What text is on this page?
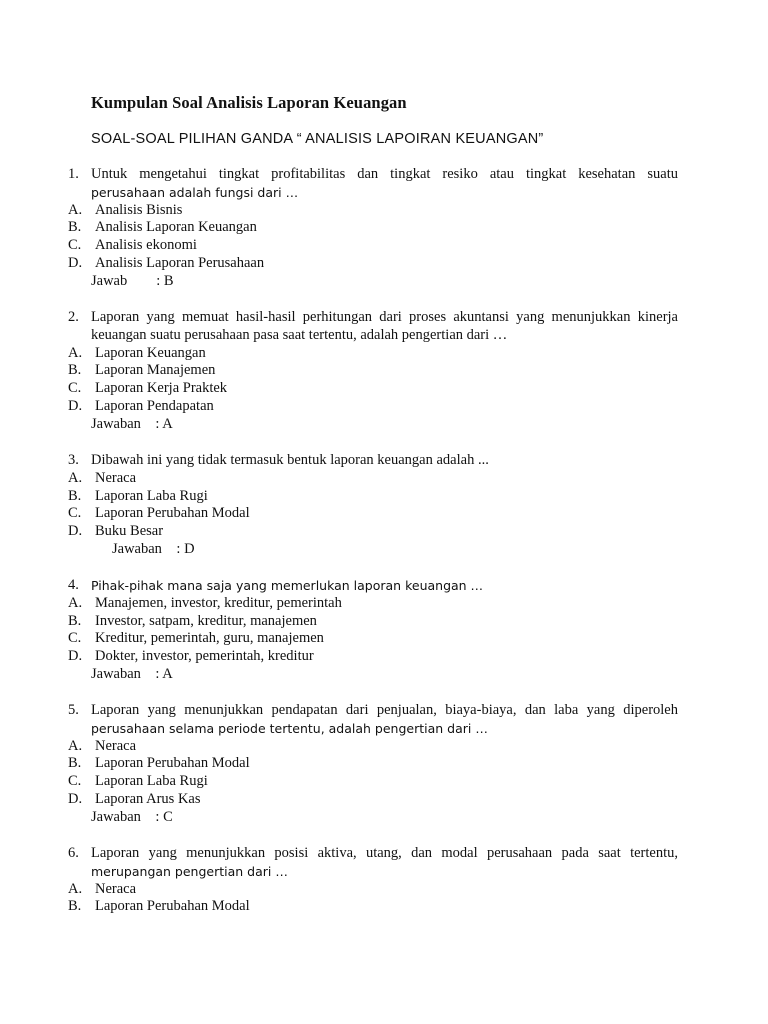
Kumpulan Soal Analisis Laporan Keuangan
SOAL-SOAL PILIHAN GANDA “ ANALISIS LAPOIRAN KEUANGAN”
1. Untuk mengetahui tingkat profitabilitas dan tingkat resiko atau tingkat kesehatan suatu
perusahaan adalah fungsi dari …
A. Analisis Bisnis
B. Analisis Laporan Keuangan
C. Analisis ekonomi
D. Analisis Laporan Perusahaan
Jawab        : B
2. Laporan yang memuat hasil-hasil perhitungan dari proses akuntansi yang menunjukkan kinerja
keuangan suatu perusahaan pasa saat tertentu, adalah pengertian dari …
A. Laporan Keuangan
B. Laporan Manajemen
C. Laporan Kerja Praktek
D. Laporan Pendapatan
Jawaban    : A
3. Dibawah ini yang tidak termasuk bentuk laporan keuangan adalah ...
A. Neraca
B. Laporan Laba Rugi
C. Laporan Perubahan Modal
D. Buku Besar
Jawaban    : D
4. Pihak-pihak mana saja yang memerlukan laporan keuangan …
A. Manajemen, investor, kreditur, pemerintah
B. Investor, satpam, kreditur, manajemen
C. Kreditur, pemerintah, guru, manajemen
D. Dokter, investor, pemerintah, kreditur
Jawaban    : A
5. Laporan yang menunjukkan pendapatan dari penjualan, biaya-biaya, dan laba yang diperoleh
perusahaan selama periode tertentu, adalah pengertian dari …
A. Neraca
B. Laporan Perubahan Modal
C. Laporan Laba Rugi
D. Laporan Arus Kas
Jawaban    : C
6. Laporan yang menunjukkan posisi aktiva, utang, dan modal perusahaan pada saat tertentu,
merupangan pengertian dari …
A. Neraca
B. Laporan Perubahan Modal
